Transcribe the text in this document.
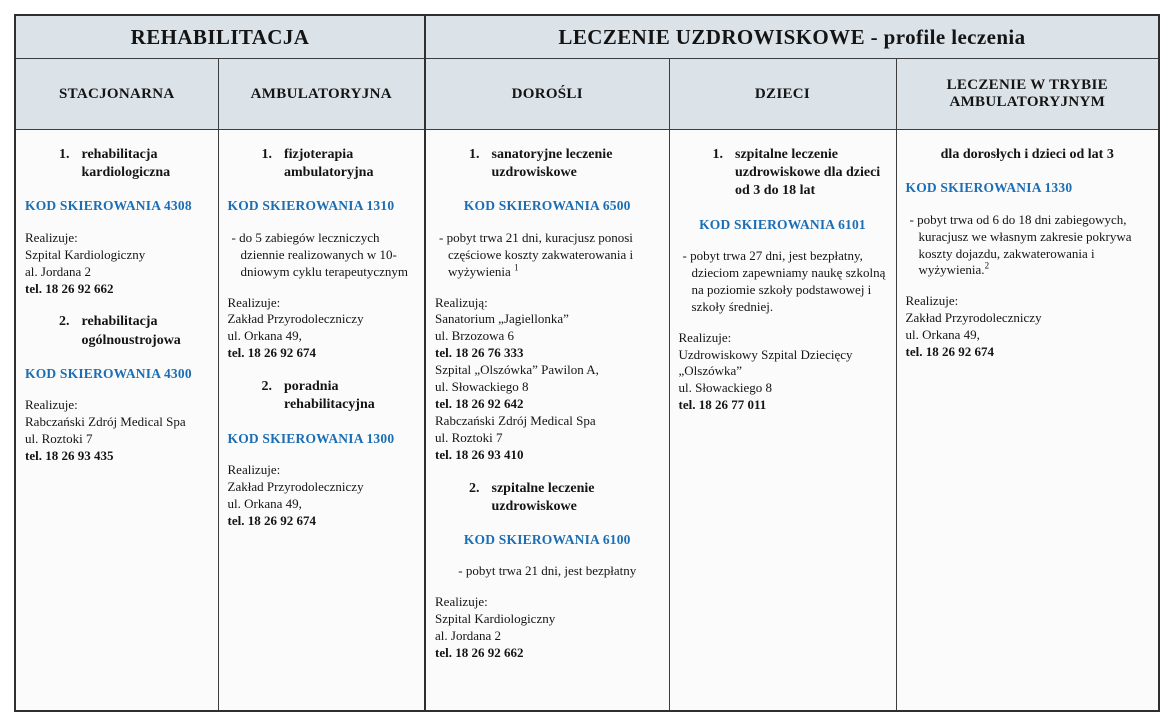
REHABILITACJA		LECZENIE UZDROWISKOWE - profile leczenia		
STACJONARNA	AMBULATORYJNA	DOROŚLI	DZIECI	LECZENIE W TRYBIE AMBULATORYJNYM

1. rehabilitacja kardiologiczna
KOD SKIEROWANIA 4308
Realizuje:
Szpital Kardiologiczny
al. Jordana 2
tel. 18 26 92 662
2. rehabilitacja ogólnoustrojowa
KOD SKIEROWANIA 4300
Realizuje:
Rabczański Zdrój Medical Spa
ul. Roztoki 7
tel. 18 26 93 435

1. fizjoterapia ambulatoryjna
KOD SKIEROWANIA 1310
- do 5 zabiegów leczniczych dziennie realizowanych w 10-dniowym cyklu terapeutycznym
Realizuje:
Zakład Przyrodoleczniczy
ul. Orkana 49,
tel. 18 26 92 674
2. poradnia rehabilitacyjna
KOD SKIEROWANIA 1300
Realizuje:
Zakład Przyrodoleczniczy
ul. Orkana 49,
tel. 18 26 92 674

1. sanatoryjne leczenie uzdrowiskowe
KOD SKIEROWANIA 6500
- pobyt trwa 21 dni, kuracjusz ponosi częściowe koszty zakwaterowania i wyżywienia $^1$
Realizują:
Sanatorium „Jagiellonka”
ul. Brzozowa 6
tel. 18 26 76 333
Szpital „Olszówka” Pawilon A,
ul. Słowackiego 8
tel. 18 26 92 642
Rabczański Zdrój Medical Spa
ul. Roztoki 7
tel. 18 26 93 410
2. szpitalne leczenie uzdrowiskowe
KOD SKIEROWANIA 6100
- pobyt trwa 21 dni, jest bezpłatny
Realizuje:
Szpital Kardiologiczny
al. Jordana 2
tel. 18 26 92 662

1. szpitalne leczenie uzdrowiskowe dla dzieci od 3 do 18 lat
KOD SKIEROWANIA 6101
- pobyt trwa 27 dni, jest bezpłatny, dzieciom zapewniamy naukę szkolną na poziomie szkoły podstawowej i szkoły średniej.
Realizuje:
Uzdrowiskowy Szpital Dziecięcy
„Olszówka”
ul. Słowackiego 8
tel. 18 26 77 011

dla dorosłych i dzieci od lat 3
KOD SKIEROWANIA 1330
- pobyt trwa od 6 do 18 dni zabiegowych, kuracjusz we własnym zakresie pokrywa koszty dojazdu, zakwaterowania i wyżywienia.$^2$
Realizuje:
Zakład Przyrodoleczniczy
ul. Orkana 49,
tel. 18 26 92 674
